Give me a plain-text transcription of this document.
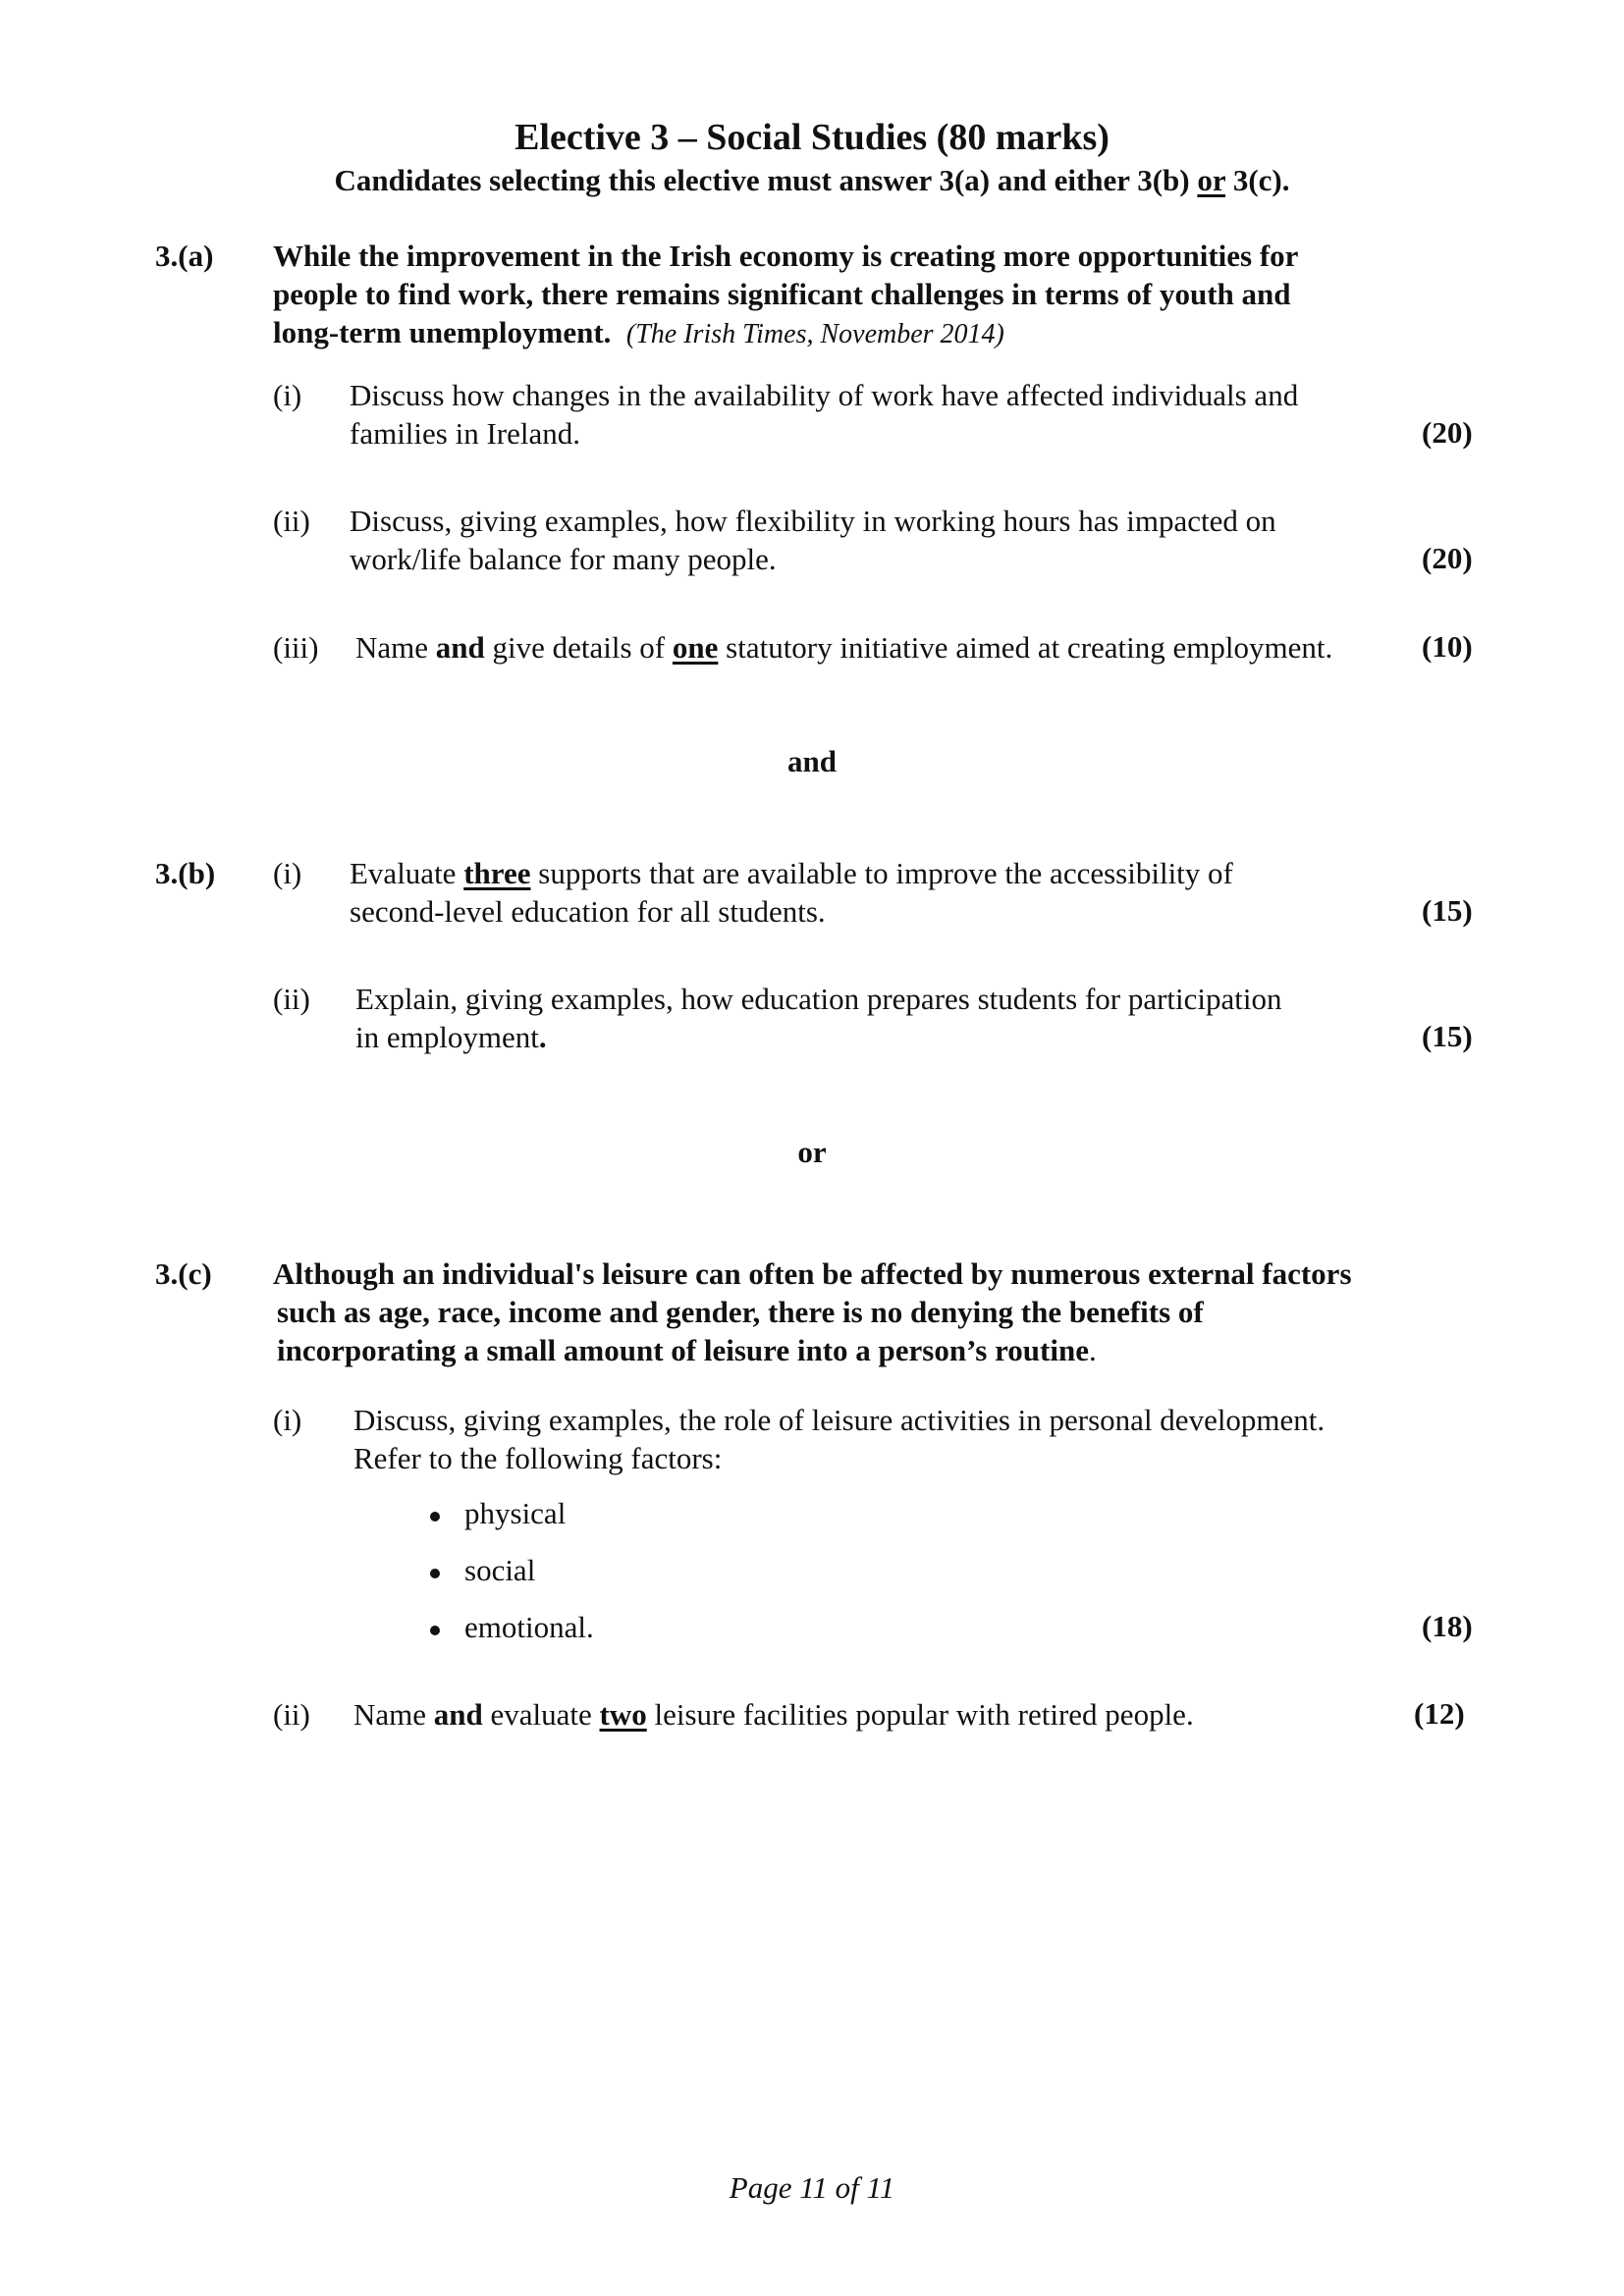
Elective 3 – Social Studies (80 marks)
Candidates selecting this elective must answer 3(a) and either 3(b) or 3(c).
3.(a) While the improvement in the Irish economy is creating more opportunities for
people to find work, there remains significant challenges in terms of youth and
long-term unemployment. (The Irish Times, November 2014)
(i) Discuss how changes in the availability of work have affected individuals and
families in Ireland.	(20)
(ii) Discuss, giving examples, how flexibility in working hours has impacted on
work/life balance for many people.	(20)
(iii) Name and give details of one statutory initiative aimed at creating employment.	(10)
and
3.(b) (i) Evaluate three supports that are available to improve the accessibility of
second-level education for all students.	(15)
(ii) Explain, giving examples, how education prepares students for participation
in employment.	(15)
or
3.(c) Although an individual's leisure can often be affected by numerous external factors
such as age, race, income and gender, there is no denying the benefits of
incorporating a small amount of leisure into a person’s routine.
(i) Discuss, giving examples, the role of leisure activities in personal development.
Refer to the following factors:
physical
social
emotional.	(18)
(ii) Name and evaluate two leisure facilities popular with retired people.	(12)
Page 11 of 11
